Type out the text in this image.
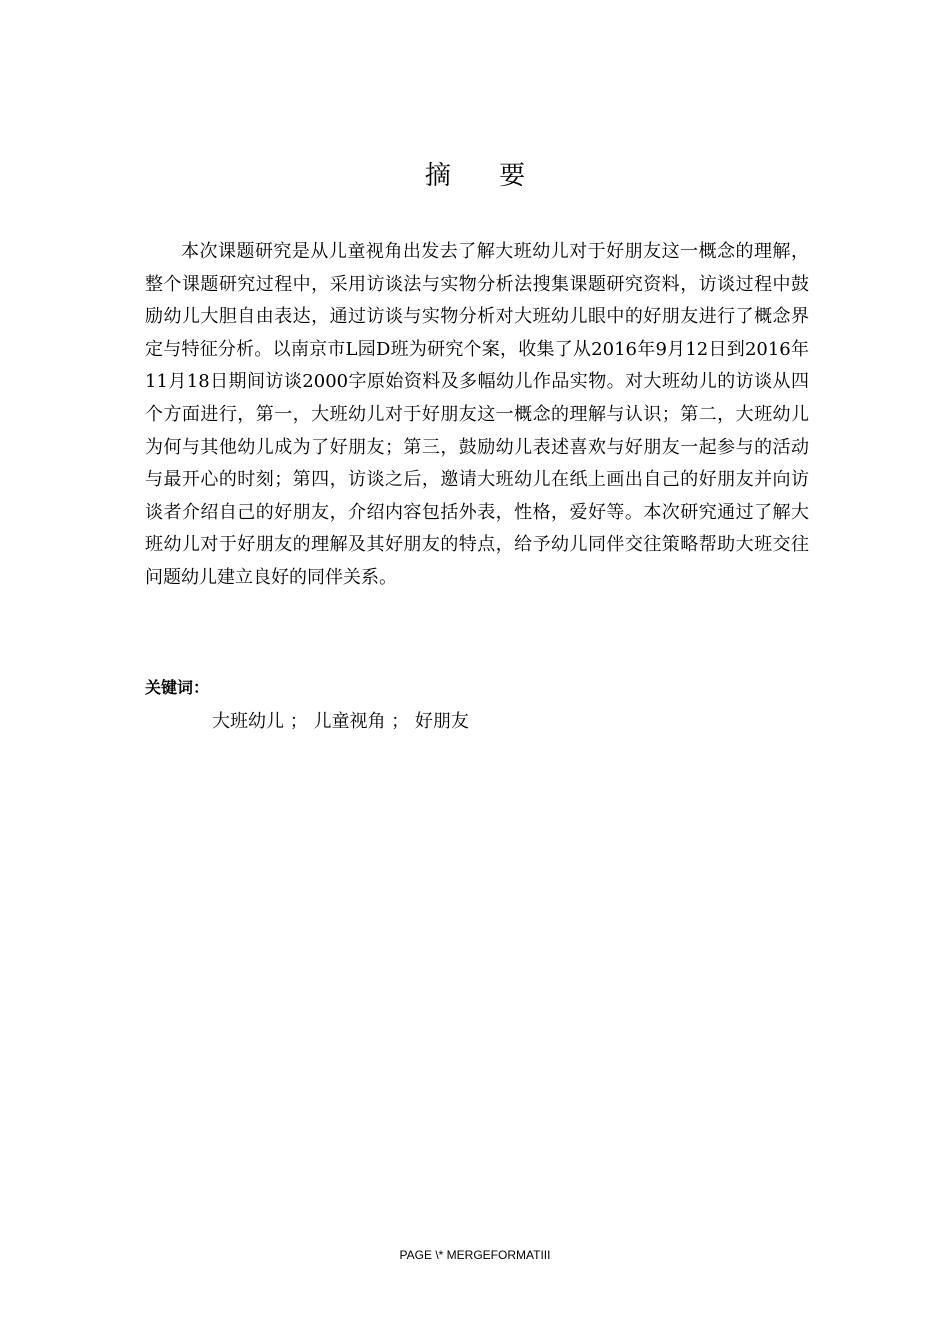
摘 要

本次课题研究是从儿童视角出发去了解大班幼儿对于好朋友这一概念的理解，整个课题研究过程中，采用访谈法与实物分析法搜集课题研究资料，访谈过程中鼓励幼儿大胆自由表达，通过访谈与实物分析对大班幼儿眼中的好朋友进行了概念界定与特征分析。以南京市L园D班为研究个案，收集了从2016年9月12日到2016年11月18日期间访谈2000字原始资料及多幅幼儿作品实物。对大班幼儿的访谈从四个方面进行，第一，大班幼儿对于好朋友这一概念的理解与认识；第二，大班幼儿为何与其他幼儿成为了好朋友；第三，鼓励幼儿表述喜欢与好朋友一起参与的活动与最开心的时刻；第四，访谈之后，邀请大班幼儿在纸上画出自己的好朋友并向访谈者介绍自己的好朋友，介绍内容包括外表，性格，爱好等。本次研究通过了解大班幼儿对于好朋友的理解及其好朋友的特点，给予幼儿同伴交往策略帮助大班交往问题幼儿建立良好的同伴关系。

关键词：
大班幼儿 ； 儿童视角 ； 好朋友
PAGE \* MERGEFORMATIII
